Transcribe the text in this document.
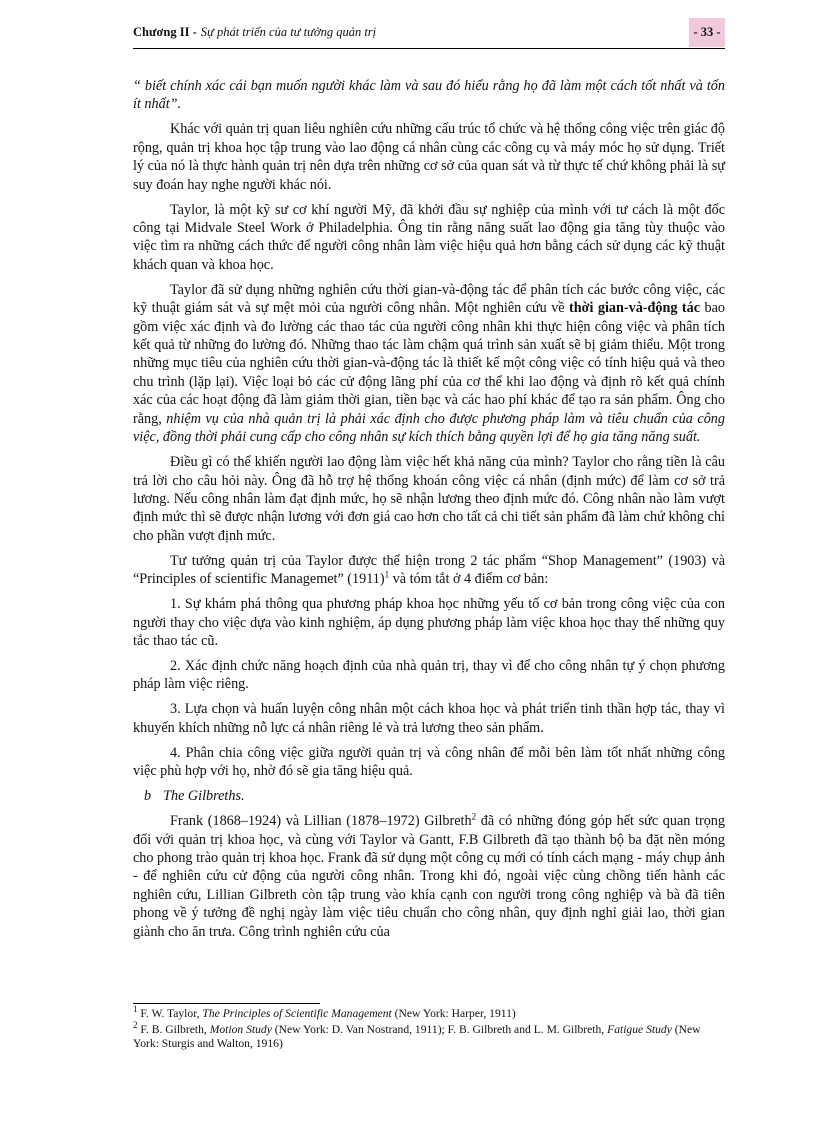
Chương II - Sự phát triển của tư tưởng quản trị	- 33 -

“ biết chính xác cái bạn muốn người khác làm và sau đó hiểu rằng họ đã làm một cách tốt nhất và tốn ít nhất”.

Khác với quản trị quan liêu nghiên cứu những cấu trúc tổ chức và hệ thống công việc trên giác độ rộng, quản trị khoa học tập trung vào lao động cá nhân cùng các công cụ và máy móc họ sử dụng. Triết lý của nó là thực hành quản trị nên dựa trên những cơ sở của quan sát và từ thực tế chứ không phải là sự suy đoán hay nghe người khác nói.

Taylor, là một kỹ sư cơ khí người Mỹ, đã khởi đầu sự nghiệp của mình với tư cách là một đốc công tại Midvale Steel Work ở Philadelphia. Ông tin rằng năng suất lao động gia tăng tùy thuộc vào việc tìm ra những cách thức để người công nhân làm việc hiệu quả hơn bằng cách sử dụng các kỹ thuật khách quan và khoa học.

Taylor đã sử dụng những nghiên cứu thời gian-và-động tác để phân tích các bước công việc, các kỹ thuật giám sát và sự mệt mỏi của người công nhân. Một nghiên cứu về thời gian-và-động tác bao gồm việc xác định và đo lường các thao tác của người công nhân khi thực hiện công việc và phân tích kết quả từ những đo lường đó. Những thao tác làm chậm quá trình sản xuất sẽ bị giảm thiểu. Một trong những mục tiêu của nghiên cứu thời gian-và-động tác là thiết kế một công việc có tính hiệu quả và theo chu trình (lặp lại). Việc loại bỏ các cử động lãng phí của cơ thể khi lao động và định rõ kết quả chính xác của các hoạt động đã làm giảm thời gian, tiền bạc và các hao phí khác để tạo ra sản phẩm. Ông cho rằng, nhiệm vụ của nhà quản trị là phải xác định cho được phương pháp làm và tiêu chuẩn của công việc, đồng thời phải cung cấp cho công nhân sự kích thích bằng quyền lợi để họ gia tăng năng suất.

Điều gì có thể khiến người lao động làm việc hết khả năng của mình? Taylor cho rằng tiền là câu trả lời cho câu hỏi này. Ông đã hỗ trợ hệ thống khoán công việc cá nhân (định mức) để làm cơ sở trả lương. Nếu công nhân làm đạt định mức, họ sẽ nhận lương theo định mức đó. Công nhân nào làm vượt định mức thì sẽ được nhận lương với đơn giá cao hơn cho tất cả chi tiết sản phẩm đã làm chứ không chỉ cho phần vượt định mức.

Tư tưởng quản trị của Taylor được thể hiện trong 2 tác phẩm “Shop Management” (1903) và “Principles of scientific Managemet” $(1911)^1$ và tóm tắt ở 4 điểm cơ bản:

1. Sự khám phá thông qua phương pháp khoa học những yếu tố cơ bản trong công việc của con người thay cho việc dựa vào kinh nghiệm, áp dụng phương pháp làm việc khoa học thay thế những quy tắc thao tác cũ.

2. Xác định chức năng hoạch định của nhà quản trị, thay vì để cho công nhân tự ý chọn phương pháp làm việc riêng.

3. Lựa chọn và huấn luyện công nhân một cách khoa học và phát triển tinh thần hợp tác, thay vì khuyến khích những nỗ lực cá nhân riêng lẻ và trả lương theo sản phẩm.

4. Phân chia công việc giữa người quản trị và công nhân để mỗi bên làm tốt nhất những công việc phù hợp với họ, nhờ đó sẽ gia tăng hiệu quả.

b The Gilbreths.

Frank (1868–1924) và Lillian (1878–1972) Gilbreth$^2$ đã có những đóng góp hết sức quan trọng đối với quản trị khoa học, và cùng với Taylor và Gantt, F.B Gilbreth đã tạo thành bộ ba đặt nền móng cho phong trào quản trị khoa học. Frank đã sử dụng một công cụ mới có tính cách mạng - máy chụp ảnh - để nghiên cứu cử động của người công nhân. Trong khi đó, ngoài việc cùng chồng tiến hành các nghiên cứu, Lillian Gilbreth còn tập trung vào khía cạnh con người trong công nghiệp và bà đã tiên phong về ý tưởng đề nghị ngày làm việc tiêu chuẩn cho công nhân, quy định nghỉ giải lao, thời gian giành cho ăn trưa. Công trình nghiên cứu của

$^1$ F. W. Taylor, The Principles of Scientific Management (New York: Harper, 1911)
$^2$ F. B. Gilbreth, Motion Study (New York: D. Van Nostrand, 1911); F. B. Gilbreth and L. M. Gilbreth, Fatigue Study (New York: Sturgis and Walton, 1916)
